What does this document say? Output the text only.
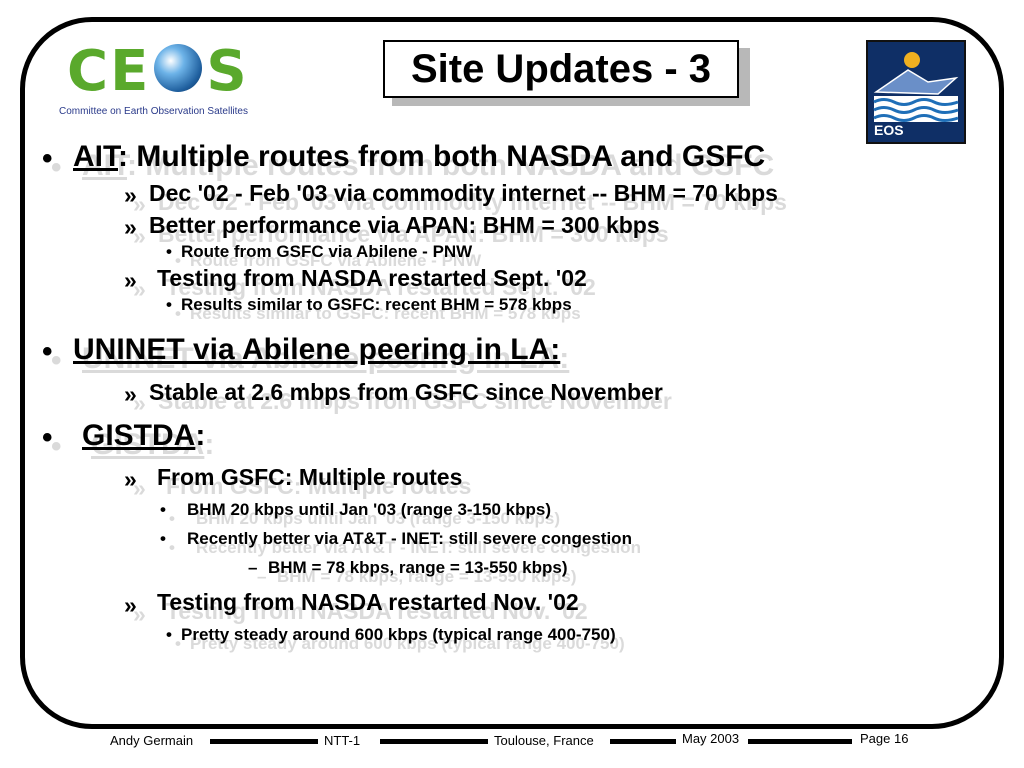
CE S
Committee on Earth Observation Satellites
Site Updates - 3
EOS
• AIT: Multiple routes from both NASDA and GSFC
» Dec '02 - Feb '03 via commodity internet -- BHM = 70 kbps
» Better performance via APAN: BHM = 300 kbps
• Route from GSFC via Abilene - PNW
» Testing from NASDA restarted Sept. '02
• Results similar to GSFC: recent BHM = 578 kbps
• UNINET via Abilene peering in LA:
» Stable at 2.6 mbps from GSFC since November
• GISTDA:
» From GSFC: Multiple routes
• BHM 20 kbps until Jan '03 (range 3-150 kbps)
• Recently better via AT&T - INET: still severe congestion
– BHM = 78 kbps, range = 13-550 kbps)
» Testing from NASDA restarted Nov. '02
• Pretty steady around 600 kbps (typical range 400-750)
Andy Germain	NTT-1	Toulouse, France	May 2003	Page 16
